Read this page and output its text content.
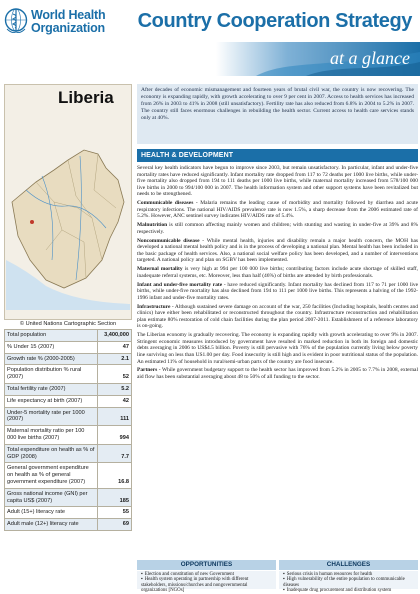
World Health
Organization	Country Cooperation Strategy
at a glance
Liberia
© United Nations Cartographic Section
Total population	3,400,000
% Under 15 (2007)	47
Growth rate % (2000-2005)	2.1
Population distribution % rural (2007)	52
Total fertility rate (2007)	5.2
Life expectancy at birth (2007)	42
Under-5 mortality rate per 1000 (2007)	111
Maternal mortality ratio per 100 000 live births (2007)	994
Total expenditure on health as % of GDP (2008)	7.7
General government expenditure on health as % of general government expenditure (2007)	16.8
Gross national income (GNI) per capita US$ (2007)	185
Adult (15+) literacy rate	55
Adult male (12+) literacy rate	69
After decades of economic mismanagement and fourteen years of brutal civil war, the country is now recovering. The economy is expanding rapidly, with growth accelerating to over 9 per cent in 2007. Access to health services has increased from 26% in 2003 to 41% in 2008 (still unsatisfactory). Fertility rate has also reduced from 6.8% in 2004 to 5.2% in 2007. The country still faces enormous challenges in rebuilding the health sector. Current access to health care services stands only at 40%.
HEALTH & DEVELOPMENT

Several key health indicators have begun to improve since 2003, but remain unsatisfactory. In particular, infant and under-five mortality rates have reduced significantly. Infant mortality rate dropped from 117 to 72 deaths per 1000 live births, while under-five mortality also dropped from 194 to 111 deaths per 1000 live births, while maternal mortality increased from 578/100 000 live births in 2000 to 994/100 000 in 2007. The health information system and other support systems have been revitalized but needs to be strengthened.

Communicable diseases - Malaria remains the leading cause of morbidity and mortality followed by diarrhea and acute respiratory infections. The national HIV/AIDS prevalence rate is now 1.5%, a sharp decrease from the 2006 estimated rate of 5.2%. However, ANC sentinel survey indicates HIV/AIDS rate of 5.4%.

Malnutrition is still common affecting mainly women and children; with stunting and wasting in under-five at 39% and 8% respectively.

Noncommunicable disease - While mental health, injuries and disability remain a major health concern, the MOH has developed a national mental health policy and is in the process of developing a national plan. Mental health has been included in the basic package of health services. Also, a national social welfare policy has been developed, and a number of interventions targeted. A national policy and plan on SGBV has been implemented.

Maternal mortality is very high at 994 per 100 000 live births; contributing factors include acute shortage of skilled staff, inadequate referral systems, etc. Moreover, less than half (46%) of births are attended by birth professionals.

Infant and under-five mortality rate - have reduced significantly. Infant mortality has declined from 117 to 71 per 1000 live births, while under-five mortality has also declined from 194 to 111 per 1000 live births. This represents a halving of the 1992-1996 infant and under-five mortality rates.

Infrastructure - Although sustained severe damage on account of the war, 250 facilities (Including hospitals, health centres and clinics) have either been rehabilitated or reconstructed throughout the country. Infrastructure reconstruction and rehabilitation plan estimate 80% restoration of cold chain facilities during the plan period 2007-2011. Establishment of a reference laboratory is on-going.

The Liberian economy is gradually recovering. The economy is expanding rapidly with growth accelerating to over 9% in 2007. Stringent economic measures introduced by government have resulted in marked reduction in both its foreign and domestic debts averaging in 2006 to US$4.5 billion. Poverty is still pervasive with 76% of the population currently living below poverty line surviving on less than US1.00 per day. Food insecurity is still high and is evident in poor nutritional status of the population. An estimated 11% of household in rural/semi-urban parts of the country are food insecure.

Partners - While government budgetary support to the health sector has improved from 5.2% in 2005 to 7.7% in 2008, external aid flow has been substantial averaging about 48 to 50% of all funding to the sector.

OPPORTUNITIES	CHALLENGES
▪ Election and constitution of new Government
▪ Health system operating in partnership with different stakeholders, missions/churches and nongovernmental organizations [NGOs]
▪ Serious crisis in human resources for health
▪ High vulnerability of the entire population to communicable diseases
▪ Inadequate drug procurement and distribution system
